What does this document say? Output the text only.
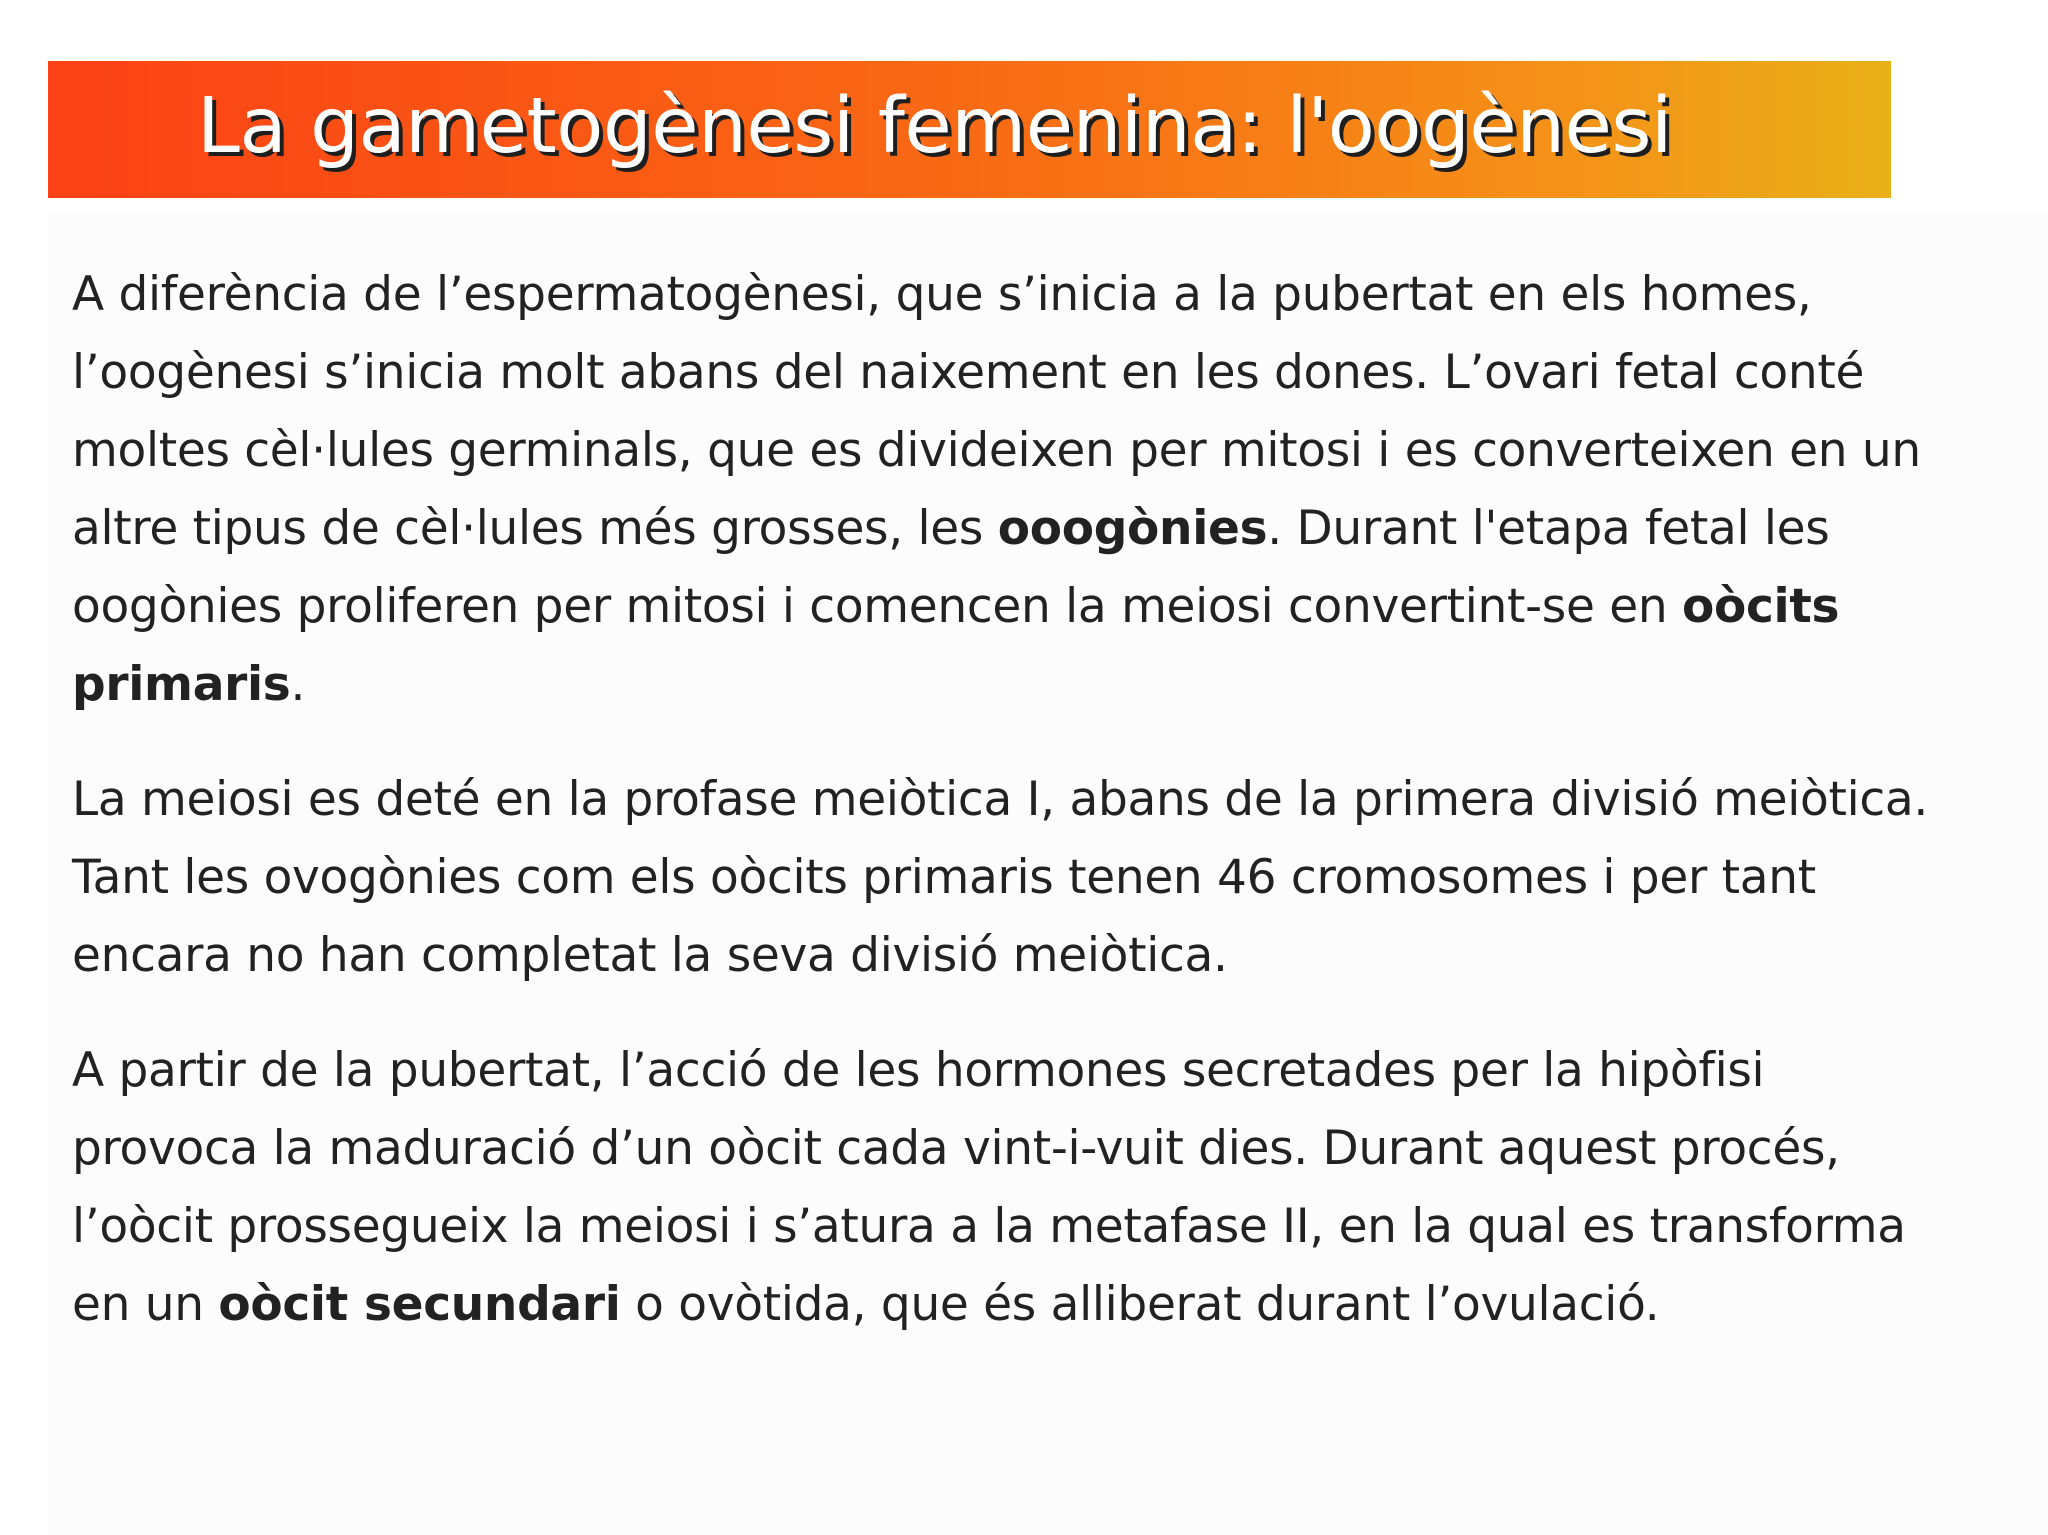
La gametogènesi femenina: l'oogènesi

A diferència de l’espermatogènesi, que s’inicia a la pubertat en els homes,
l’oogènesi s’inicia molt abans del naixement en les dones. L’ovari fetal conté
moltes cèl·lules germinals, que es divideixen per mitosi i es converteixen en un
altre tipus de cèl·lules més grosses, les ooogònies. Durant l'etapa fetal les
oogònies proliferen per mitosi i comencen la meiosi convertint-se en oòcits
primaris.

La meiosi es deté en la profase meiòtica I, abans de la primera divisió meiòtica.
Tant les ovogònies com els oòcits primaris tenen 46 cromosomes i per tant
encara no han completat la seva divisió meiòtica.

A partir de la pubertat, l’acció de les hormones secretades per la hipòfisi
provoca la maduració d’un oòcit cada vint-i-vuit dies. Durant aquest procés,
l’oòcit prossegueix la meiosi i s’atura a la metafase II, en la qual es transforma
en un oòcit secundari o ovòtida, que és alliberat durant l’ovulació.
